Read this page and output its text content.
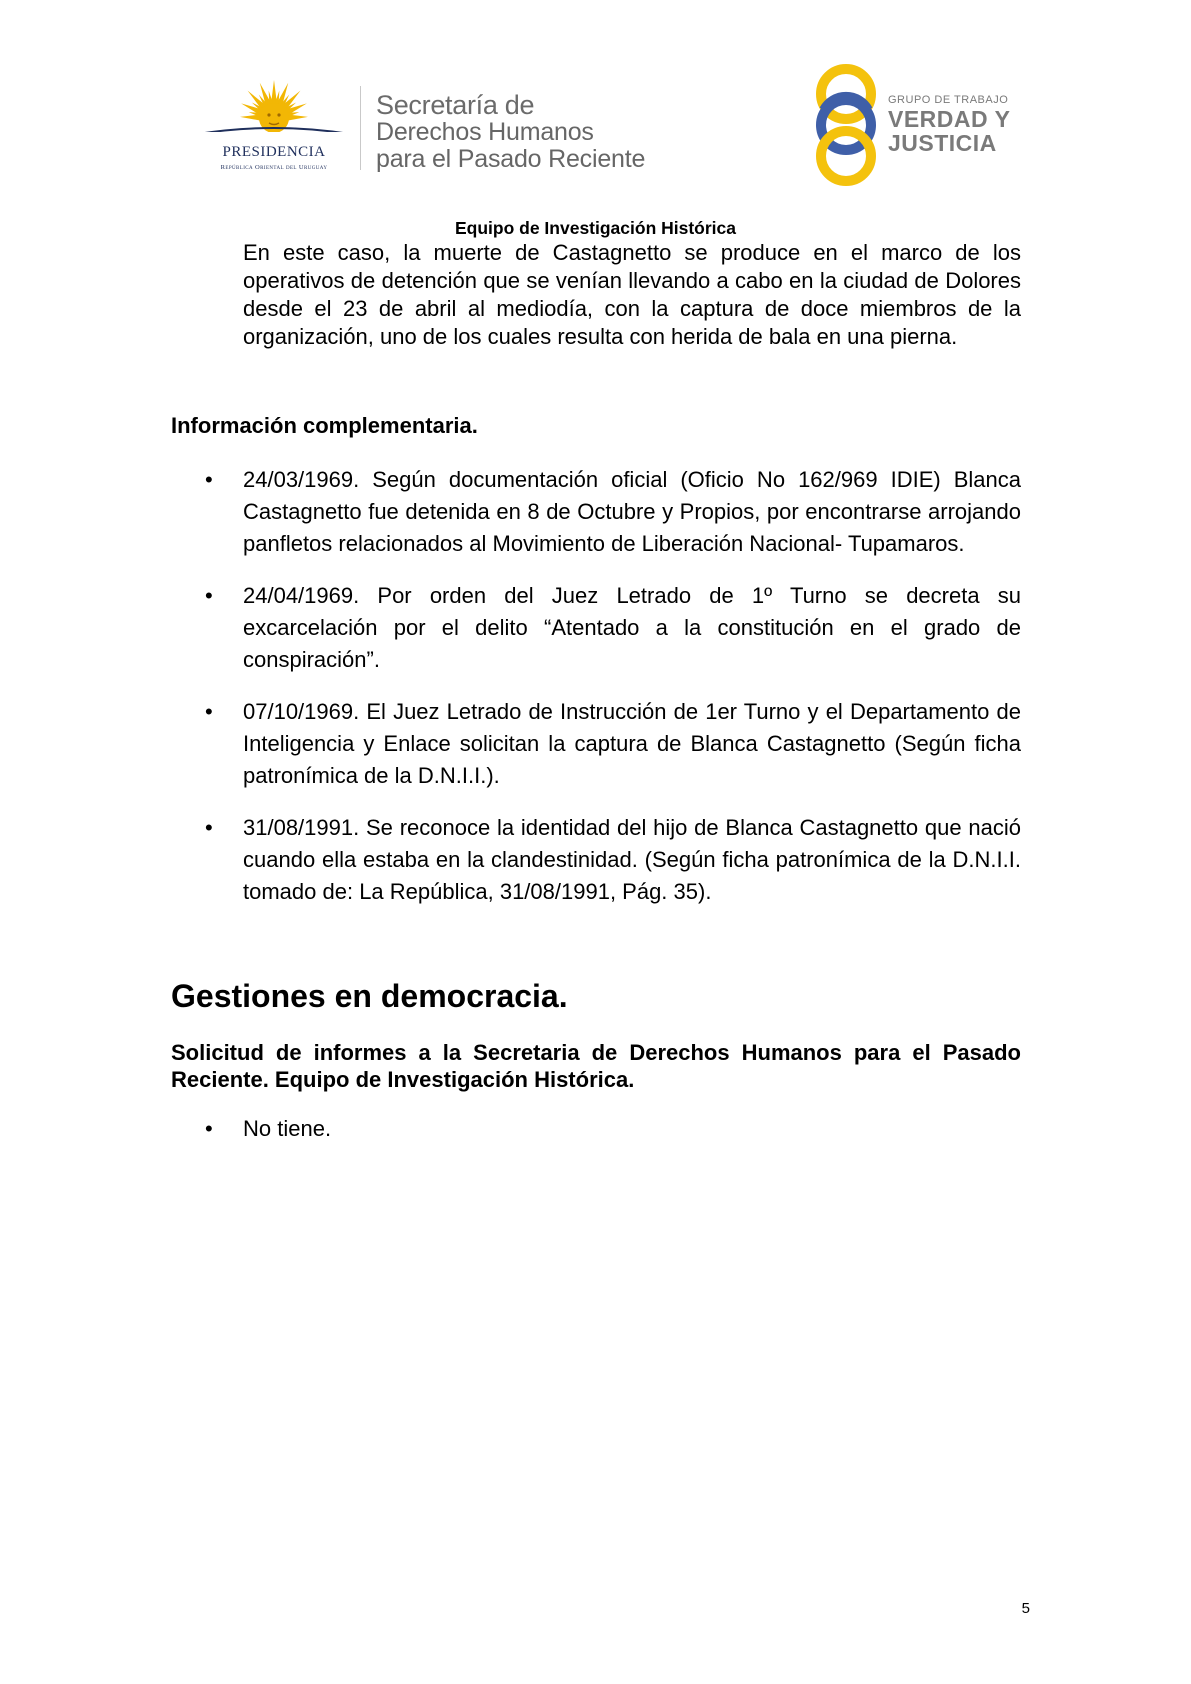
PRESIDENCIA
República Oriental del Uruguay
Secretaría de
Derechos Humanos
para el Pasado Reciente
GRUPO DE TRABAJO
VERDAD Y
JUSTICIA
Equipo de Investigación Histórica

En este caso, la muerte de Castagnetto se produce en el marco de los operativos de detención que se venían llevando a cabo en la ciudad de Dolores desde el 23 de abril al mediodía, con la captura de doce miembros de la organización, uno de los cuales resulta con herida de bala en una pierna.

Información complementaria.
• 24/03/1969. Según documentación oficial (Oficio No 162/969 IDIE) Blanca Castagnetto fue detenida en 8 de Octubre y Propios, por encontrarse arrojando panfletos relacionados al Movimiento de Liberación Nacional- Tupamaros.
• 24/04/1969. Por orden del Juez Letrado de 1º Turno se decreta su excarcelación por el delito “Atentado a la constitución en el grado de conspiración”.
• 07/10/1969. El Juez Letrado de Instrucción de 1er Turno y el Departamento de Inteligencia y Enlace solicitan la captura de Blanca Castagnetto (Según ficha patronímica de la D.N.I.I.).
• 31/08/1991. Se reconoce la identidad del hijo de Blanca Castagnetto que nació cuando ella estaba en la clandestinidad. (Según ficha patronímica de la D.N.I.I. tomado de: La República, 31/08/1991, Pág. 35).
Gestiones en democracia.
Solicitud de informes a la Secretaria de Derechos Humanos para el Pasado Reciente. Equipo de Investigación Histórica.
• No tiene.
5
